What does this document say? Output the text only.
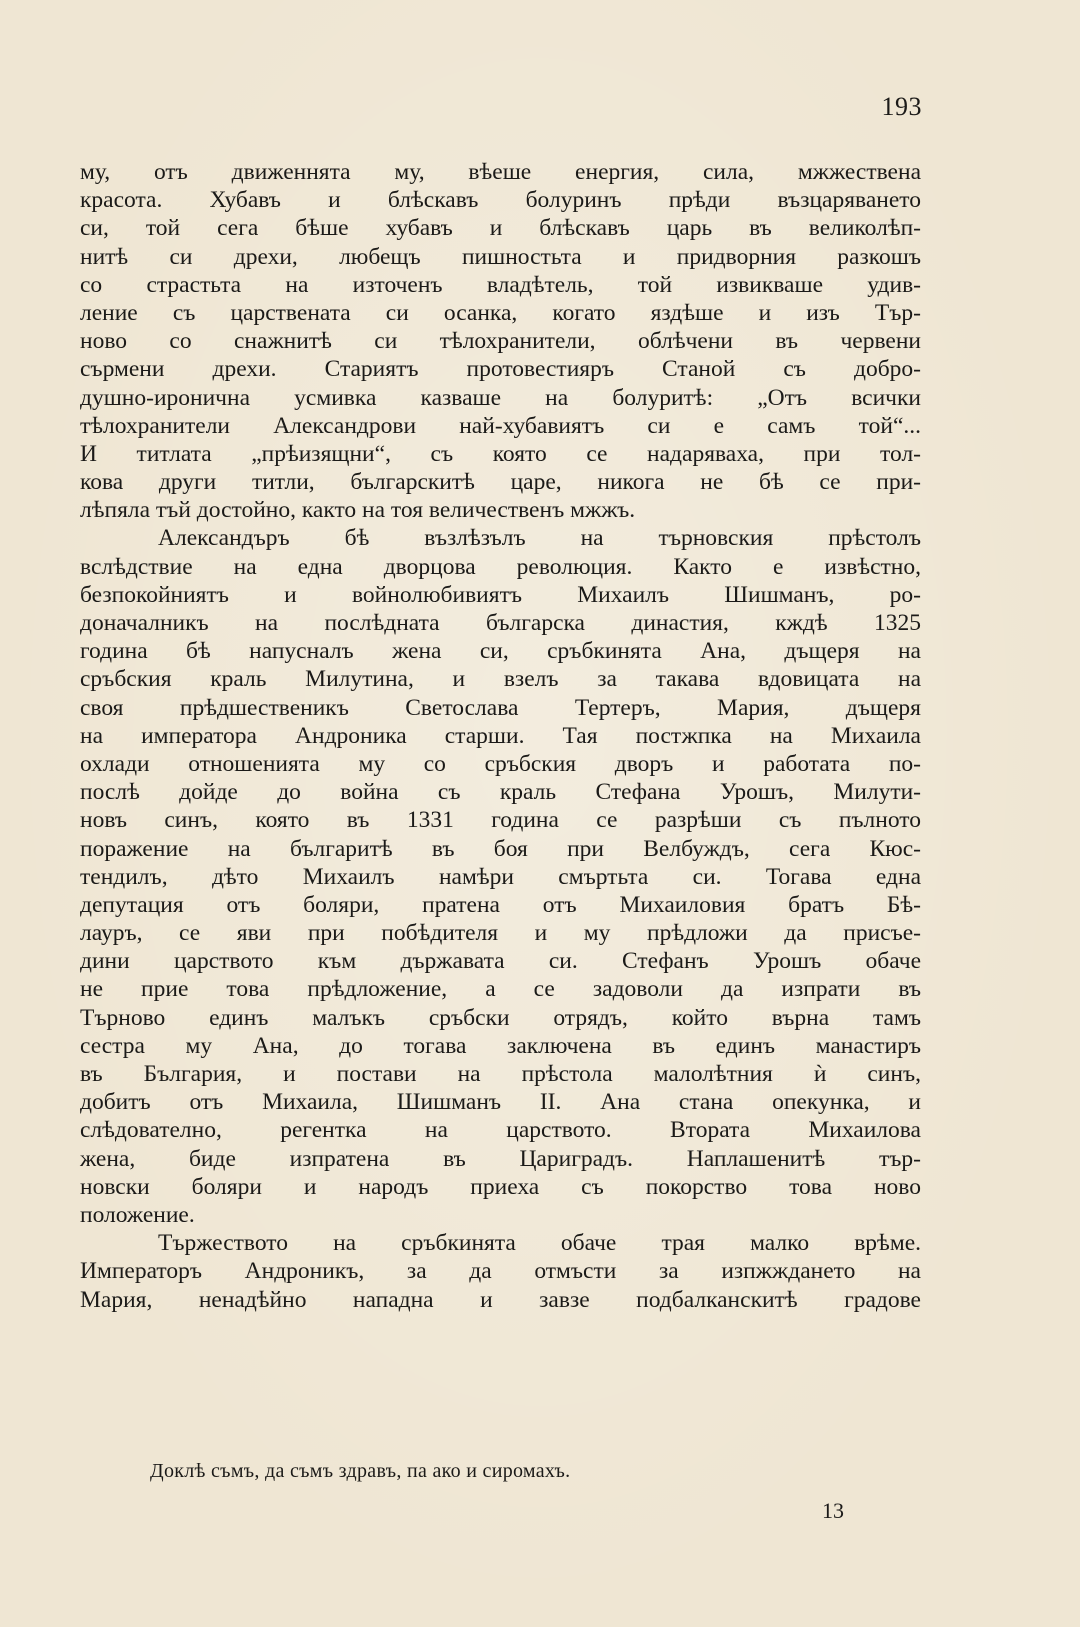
193
му, отъ движеннята му, вѣеше енергия, сила, мжжествена
красота. Хубавъ и блѣскавъ болyринъ прѣди възцаряването
си, той сега бѣше хубавъ и блѣскавъ царь въ великолѣп-
нитѣ си дрехи, любещъ пишностьта и придворния разкошъ
со страстьта на източенъ владѣтель, той извикваше удив-
ление съ царствената си осанка, когато яздѣше и изъ Тър-
ново со снажнитѣ си тѣлохранители, облѣчени въ червени
сърмени дрехи. Стариятъ протовестияръ Станой съ добро-
душно-иронична усмивка казваше на болyритѣ: „Отъ всички
тѣлохранители Александрови най-хубавиятъ си е самъ той“...
И титлата „прѣизящни“, съ която се надаряваха, при тол-
кова други титли, българскитѣ царе, никога не бѣ се при-
лѣпяла тъй достойно, както на тоя величественъ мжжъ.
Александъръ бѣ възлѣзълъ на търновския прѣстолъ
вслѣдствие на една дворцова революция. Както е извѣстно,
безпокойниятъ и войнолюбивиятъ Михаилъ Шишманъ, ро-
доначалникъ на послѣдната българска династия, кждѣ 1325
година бѣ напусналъ жена си, сръбкинята Ана, дъщеря на
сръбския краль Милутина, и взелъ за такава вдовицата на
своя прѣдшественикъ Светослава Тертеръ, Мария, дъщеря
на императора Андроника старши. Тая постжпка на Михаила
охлади отношенията му со сръбския дворъ и работата по-
послѣ дойде до война съ краль Стефана Урошъ, Милути-
новъ синъ, която въ 1331 година се разрѣши съ пълното
поражение на българитѣ въ боя при Велбуждъ, сега Кюс-
тендилъ, дѣто Михаилъ намѣри смъртьта си. Тогава една
депутация отъ боляри, пратена отъ Михаиловия братъ Бѣ-
лауръ, се яви при побѣдителя и му прѣдложи да присъе-
дини царството към държавата си. Стефанъ Урошъ обаче
не прие това прѣдложение, а се задоволи да изпрати въ
Търново единъ малъкъ сръбски отрядъ, който върна тамъ
сестра му Ана, до тогава заключена въ единъ манастиръ
въ България, и постави на прѣстола малолѣтния ѝ синъ,
добитъ отъ Михаила, Шишманъ II. Ана стана опекунка, и
слѣдователно, регентка на царството. Втората Михаилова
жена, биде изпратена въ Цариградъ. Наплашенитѣ тър-
новски боляри и народъ приеха съ покорство това ново
положение.
Тържеството на сръбкинята обаче трая малко врѣме.
Императоръ Андроникъ, за да отмъсти за изпжждането на
Мария, ненадѣйно нападна и завзе подбалканскитѣ градове
Доклѣ съмъ, да съмъ здравъ, па ако и сиромахъ.
13
